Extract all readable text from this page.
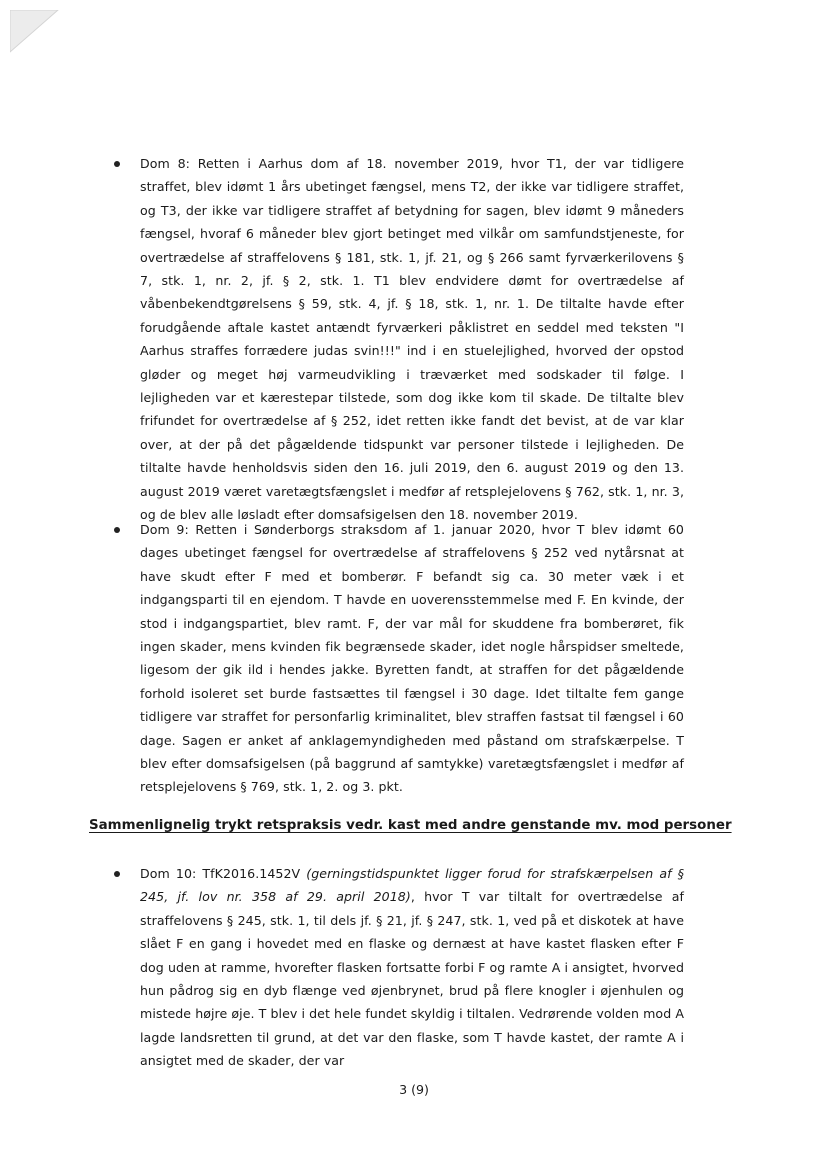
Dom 8: Retten i Aarhus dom af 18. november 2019, hvor T1, der var tidligere straffet, blev idømt 1 års ubetinget fængsel, mens T2, der ikke var tidligere straffet, og T3, der ikke var tidligere straffet af betydning for sagen, blev idømt 9 måneders fængsel, hvoraf 6 måneder blev gjort betinget med vilkår om samfundstjeneste, for overtrædelse af straffelovens § 181, stk. 1, jf. 21, og § 266 samt fyrværkerilovens § 7, stk. 1, nr. 2, jf. § 2, stk. 1. T1 blev endvidere dømt for overtrædelse af våbenbekendtgørelsens § 59, stk. 4, jf. § 18, stk. 1, nr. 1. De tiltalte havde efter forudgående aftale kastet antændt fyrværkeri påklistret en seddel med teksten "I Aarhus straffes forrædere judas svin!!!" ind i en stuelejlighed, hvorved der opstod gløder og meget høj varmeudvikling i træværket med sodskader til følge. I lejligheden var et kærestepar tilstede, som dog ikke kom til skade. De tiltalte blev frifundet for overtrædelse af § 252, idet retten ikke fandt det bevist, at de var klar over, at der på det pågældende tidspunkt var personer tilstede i lejligheden. De tiltalte havde henholdsvis siden den 16. juli 2019, den 6. august 2019 og den 13. august 2019 været varetægtsfængslet i medfør af retsplejelovens § 762, stk. 1, nr. 3, og de blev alle løsladt efter domsafsigelsen den 18. november 2019.
Dom 9: Retten i Sønderborgs straksdom af 1. januar 2020, hvor T blev idømt 60 dages ubetinget fængsel for overtrædelse af straffelovens § 252 ved nytårsnat at have skudt efter F med et bomberør. F befandt sig ca. 30 meter væk i et indgangsparti til en ejendom. T havde en uoverensstemmelse med F. En kvinde, der stod i indgangspartiet, blev ramt. F, der var mål for skuddene fra bomberøret, fik ingen skader, mens kvinden fik begrænsede skader, idet nogle hårspidser smeltede, ligesom der gik ild i hendes jakke. Byretten fandt, at straffen for det pågældende forhold isoleret set burde fastsættes til fængsel i 30 dage. Idet tiltalte fem gange tidligere var straffet for personfarlig kriminalitet, blev straffen fastsat til fængsel i 60 dage. Sagen er anket af anklagemyndigheden med påstand om strafskærpelse. T blev efter domsafsigelsen (på baggrund af samtykke) varetægtsfængslet i medfør af retsplejelovens § 769, stk. 1, 2. og 3. pkt.
Sammenlignelig trykt retspraksis vedr. kast med andre genstande mv. mod personer
Dom 10: TfK2016.1452V (gerningstidspunktet ligger forud for strafskærpelsen af § 245, jf. lov nr. 358 af 29. april 2018), hvor T var tiltalt for overtrædelse af straffelovens § 245, stk. 1, til dels jf. § 21, jf. § 247, stk. 1, ved på et diskotek at have slået F en gang i hovedet med en flaske og dernæst at have kastet flasken efter F dog uden at ramme, hvorefter flasken fortsatte forbi F og ramte A i ansigtet, hvorved hun pådrog sig en dyb flænge ved øjenbrynet, brud på flere knogler i øjenhulen og mistede højre øje. T blev i det hele fundet skyldig i tiltalen. Vedrørende volden mod A lagde landsretten til grund, at det var den flaske, som T havde kastet, der ramte A i ansigtet med de skader, der var
3 (9)
